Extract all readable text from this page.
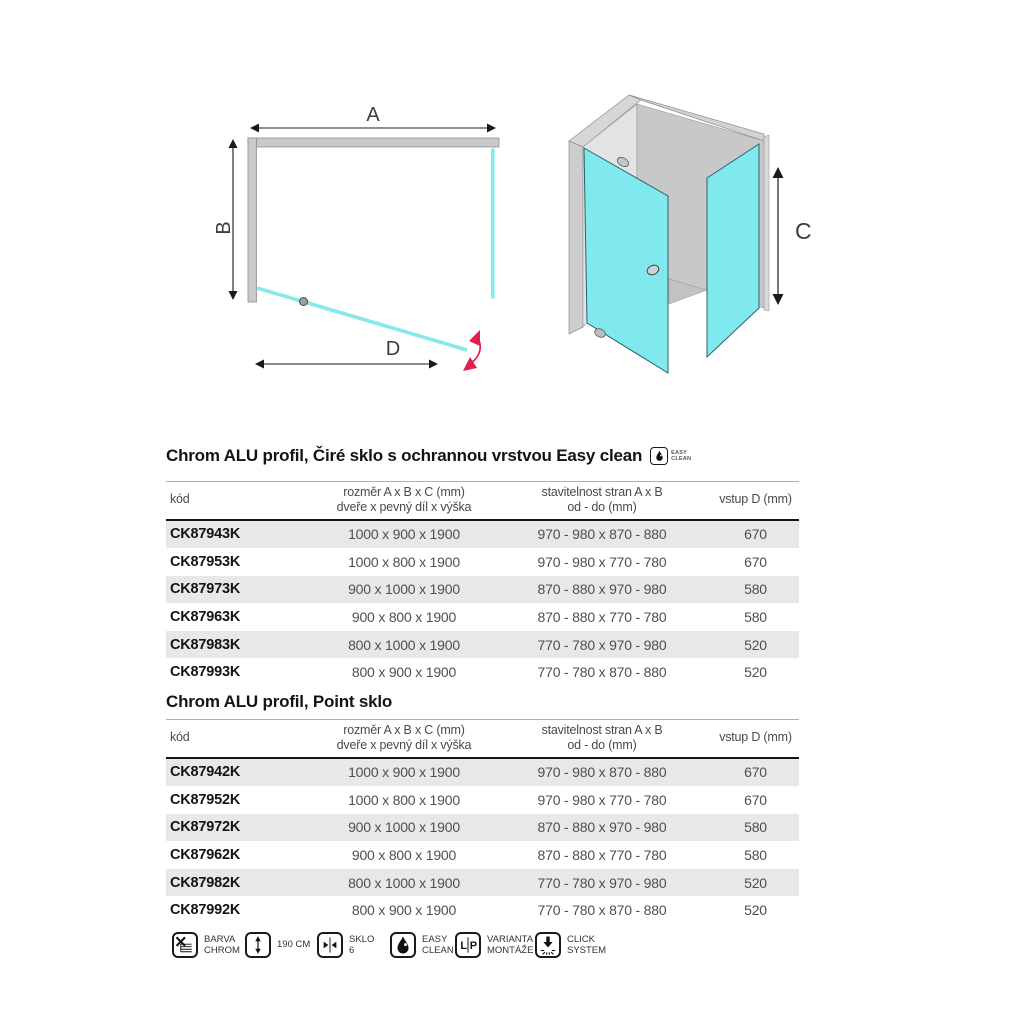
A
B
D
C
Chrom ALU profil, Čiré sklo s ochrannou vrstvou Easy clean	EASY
CLEAN
kód	
rozměr A x B x C (mm)
dveře x pevný díl x výška

stavitelnost stran A x B
od - do (mm)
	vstup D (mm)
CK87943K	1000 x 900 x 1900	970 - 980 x 870 - 880	670
CK87953K	1000 x 800 x 1900	970 - 980 x 770 - 780	670
CK87973K	900 x 1000 x 1900	870 - 880 x 970 - 980	580
CK87963K	900 x 800 x 1900	870 - 880 x 770 - 780	580
CK87983K	800 x 1000 x 1900	770 - 780 x 970 - 980	520
CK87993K	800 x 900 x 1900	770 - 780 x 870 - 880	520
Chrom ALU profil, Point sklo
kód	
rozměr A x B x C (mm)
dveře x pevný díl x výška

stavitelnost stran A x B
od - do (mm)
	vstup D (mm)
CK87942K	1000 x 900 x 1900	970 - 980 x 870 - 880	670
CK87952K	1000 x 800 x 1900	970 - 980 x 770 - 780	670
CK87972K	900 x 1000 x 1900	870 - 880 x 970 - 980	580
CK87962K	900 x 800 x 1900	870 - 880 x 770 - 780	580
CK87982K	800 x 1000 x 1900	770 - 780 x 970 - 980	520
CK87992K	800 x 900 x 1900	770 - 780 x 870 - 880	520
BARVA
CHROM
190 CM
SKLO
6
EASY
CLEAN L P
VARIANTA
MONTÁŽE
CLICK
SYSTEM
